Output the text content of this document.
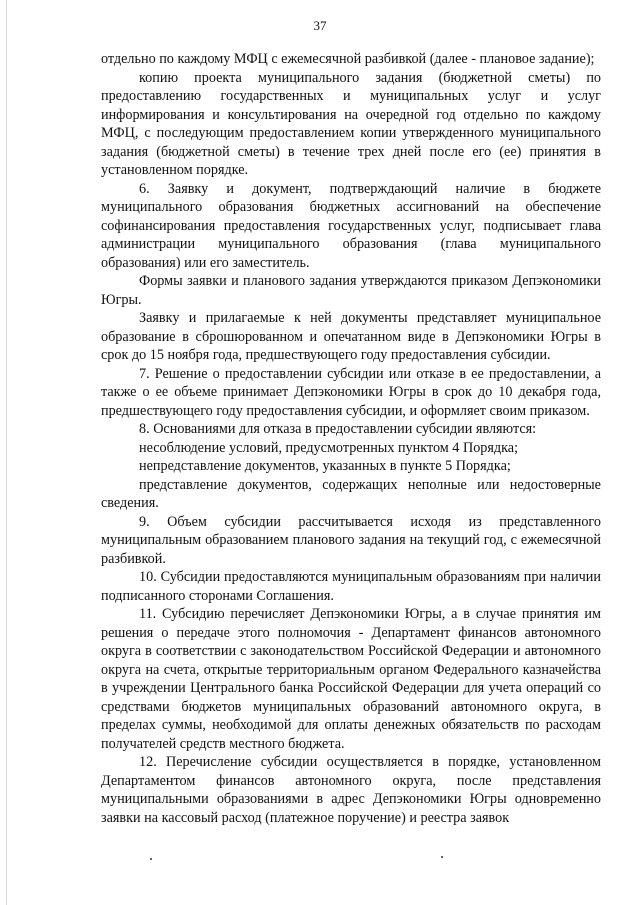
37

отдельно по каждому МФЦ с ежемесячной разбивкой (далее - плановое задание);

копию проекта муниципального задания (бюджетной сметы) по предоставлению государственных и муниципальных услуг и услуг информирования и консультирования на очередной год отдельно по каждому МФЦ, с последующим предоставлением копии утвержденного муниципального задания (бюджетной сметы) в течение трех дней после его (ее) принятия в установленном порядке.

6. Заявку и документ, подтверждающий наличие в бюджете муниципального образования бюджетных ассигнований на обеспечение софинансирования предоставления государственных услуг, подписывает глава администрации муниципального образования (глава муниципального образования) или его заместитель.

Формы заявки и планового задания утверждаются приказом Депэкономики Югры.

Заявку и прилагаемые к ней документы представляет муниципальное образование в сброшюрованном и опечатанном виде в Депэкономики Югры в срок до 15 ноября года, предшествующего году предоставления субсидии.

7. Решение о предоставлении субсидии или отказе в ее предоставлении, а также о ее объеме принимает Депэкономики Югры в срок до 10 декабря года, предшествующего году предоставления субсидии, и оформляет своим приказом.

8. Основаниями для отказа в предоставлении субсидии являются:

несоблюдение условий, предусмотренных пунктом 4 Порядка;

непредставление документов, указанных в пункте 5 Порядка;

представление документов, содержащих неполные или недостоверные сведения.

9. Объем субсидии рассчитывается исходя из представленного муниципальным образованием планового задания на текущий год, с ежемесячной разбивкой.

10. Субсидии предоставляются муниципальным образованиям при наличии подписанного сторонами Соглашения.

11. Субсидию перечисляет Депэкономики Югры, а в случае принятия им решения о передаче этого полномочия - Департамент финансов автономного округа в соответствии с законодательством Российской Федерации и автономного округа на счета, открытые территориальным органом Федерального казначейства в учреждении Центрального банка Российской Федерации для учета операций со средствами бюджетов муниципальных образований автономного округа, в пределах суммы, необходимой для оплаты денежных обязательств по расходам получателей средств местного бюджета.

12. Перечисление субсидии осуществляется в порядке, установленном Департаментом финансов автономного округа, после представления муниципальными образованиями в адрес Депэкономики Югры одновременно заявки на кассовый расход (платежное поручение) и реестра заявок
